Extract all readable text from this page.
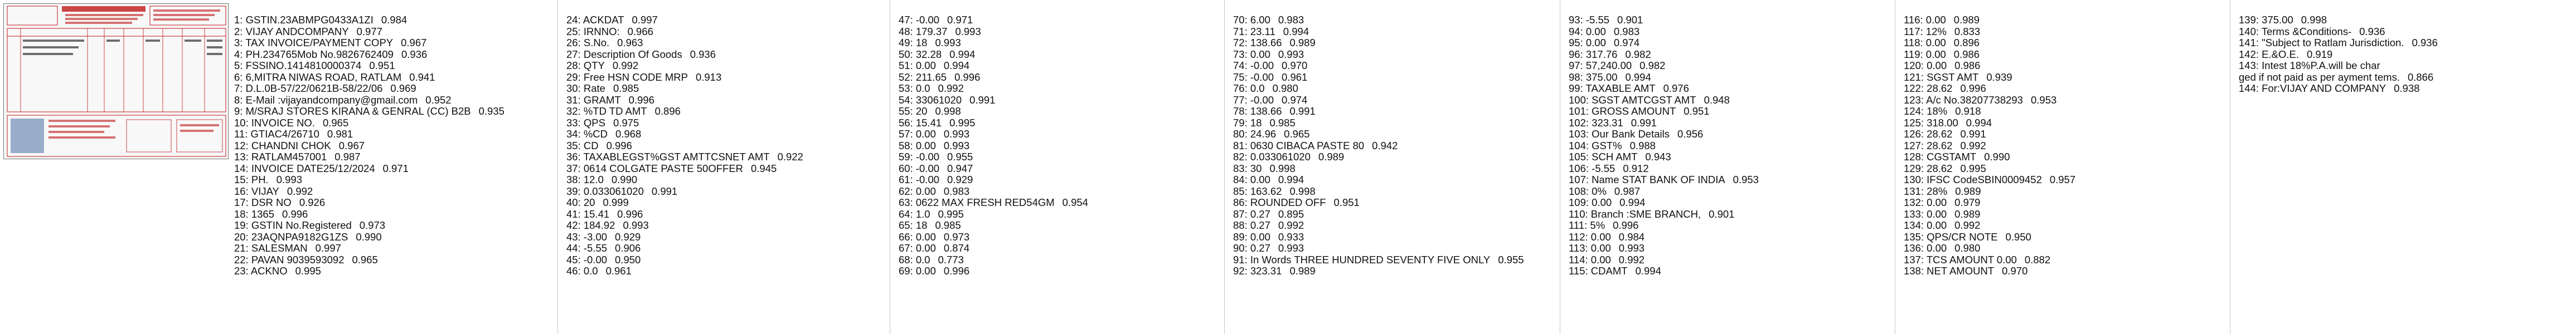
1: GSTIN.23ABMPG0433A1ZI 0.984
2: VIJAY ANDCOMPANY 0.977
3: TAX INVOICE/PAYMENT COPY 0.967
4: PH.234765Mob No.9826762409 0.936
5: FSSINO.1414810000374 0.951
6: 6,MITRA NIWAS ROAD, RATLAM 0.941
7: D.L.0B-57/22/0621B-58/22/06 0.969
8: E-Mail :vijayandcompany@gmail.com 0.952
9: M/SRAJ STORES KIRANA & GENRAL (CC) B2B 0.935
10: INVOICE NO. 0.965
11: GTIAC4/26710 0.981
12: CHANDNI CHOK 0.967
13: RATLAM457001 0.987
14: INVOICE DATE25/12/2024 0.971
15: PH. 0.993
16: VIJAY 0.992
17: DSR NO 0.926
18: 1365 0.996
19: GSTIN No.Registered 0.973
20: 23AQNPA9182G1ZS 0.990
21: SALESMAN 0.997
22: PAVAN 9039593092 0.965
23: ACKNO 0.995
24: ACKDAT 0.997
25: IRNNO: 0.966
26: S.No. 0.963
27: Description Of Goods 0.936
28: QTY 0.992
29: Free HSN CODE MRP 0.913
30: Rate 0.985
31: GRAMT 0.996
32: %TD TD AMT 0.896
33: QPS 0.975
34: %CD 0.968
35: CD 0.996
36: TAXABLEGST%GST AMTTCSNET AMT 0.922
37: 0614 COLGATE PASTE 50OFFER 0.945
38: 12.0 0.990
39: 0.033061020 0.991
40: 20 0.999
41: 15.41 0.996
42: 184.92 0.993
43: -3.00 0.929
44: -5.55 0.906
45: -0.00 0.950
46: 0.0 0.961
47: -0.00 0.971
48: 179.37 0.993
49: 18 0.993
50: 32.28 0.994
51: 0.00 0.994
52: 211.65 0.996
53: 0.0 0.992
54: 33061020 0.991
55: 20 0.998
56: 15.41 0.995
57: 0.00 0.993
58: 0.00 0.993
59: -0.00 0.955
60: -0.00 0.947
61: -0.00 0.929
62: 0.00 0.983
63: 0622 MAX FRESH RED54GM 0.954
64: 1.0 0.995
65: 18 0.985
66: 0.00 0.973
67: 0.00 0.874
68: 0.0 0.773
69: 0.00 0.996
70: 6.00 0.983
71: 23.11 0.994
72: 138.66 0.989
73: 0.00 0.993
74: -0.00 0.970
75: -0.00 0.961
76: 0.0 0.980
77: -0.00 0.974
78: 138.66 0.991
79: 18 0.985
80: 24.96 0.965
81: 0630 CIBACA PASTE 80 0.942
82: 0.033061020 0.989
83: 30 0.998
84: 0.00 0.994
85: 163.62 0.998
86: ROUNDED OFF 0.951
87: 0.27 0.895
88: 0.27 0.992
89: 0.00 0.933
90: 0.27 0.993
91: In Words THREE HUNDRED SEVENTY FIVE ONLY 0.955
92: 323.31 0.989
93: -5.55 0.901
94: 0.00 0.983
95: 0.00 0.974
96: 317.76 0.982
97: 57,240.00 0.982
98: 375.00 0.994
99: TAXABLE AMT 0.976
100: SGST AMTCGST AMT 0.948
101: GROSS AMOUNT 0.951
102: 323.31 0.991
103: Our Bank Details 0.956
104: GST% 0.988
105: SCH AMT 0.943
106: -5.55 0.912
107: Name STAT BANK OF INDIA 0.953
108: 0% 0.987
109: 0.00 0.994
110: Branch :SME BRANCH, 0.901
111: 5% 0.996
112: 0.00 0.984
113: 0.00 0.993
114: 0.00 0.992
115: CDAMT 0.994
116: 0.00 0.989
117: 12% 0.833
118: 0.00 0.896
119: 0.00 0.986
120: 0.00 0.986
121: SGST AMT 0.939
122: 28.62 0.996
123: A/c No.38207738293 0.953
124: 18% 0.918
125: 318.00 0.994
126: 28.62 0.991
127: 28.62 0.992
128: CGSTAMT 0.990
129: 28.62 0.995
130: IFSC CodeSBIN0009452 0.957
131: 28% 0.989
132: 0.00 0.979
133: 0.00 0.989
134: 0.00 0.992
135: QPS/CR NOTE 0.950
136: 0.00 0.980
137: TCS AMOUNT 0.00 0.882
138: NET AMOUNT 0.970
139: 375.00 0.998
140: Terms &Conditions- 0.936
141: "Subject to Ratlam Jurisdiction. 0.936
142: E.&O.E. 0.919
143: Intest 18%P.A.will be char
ged if not paid as per ayment tems. 0.866
144: For:VIJAY AND COMPANY 0.938
